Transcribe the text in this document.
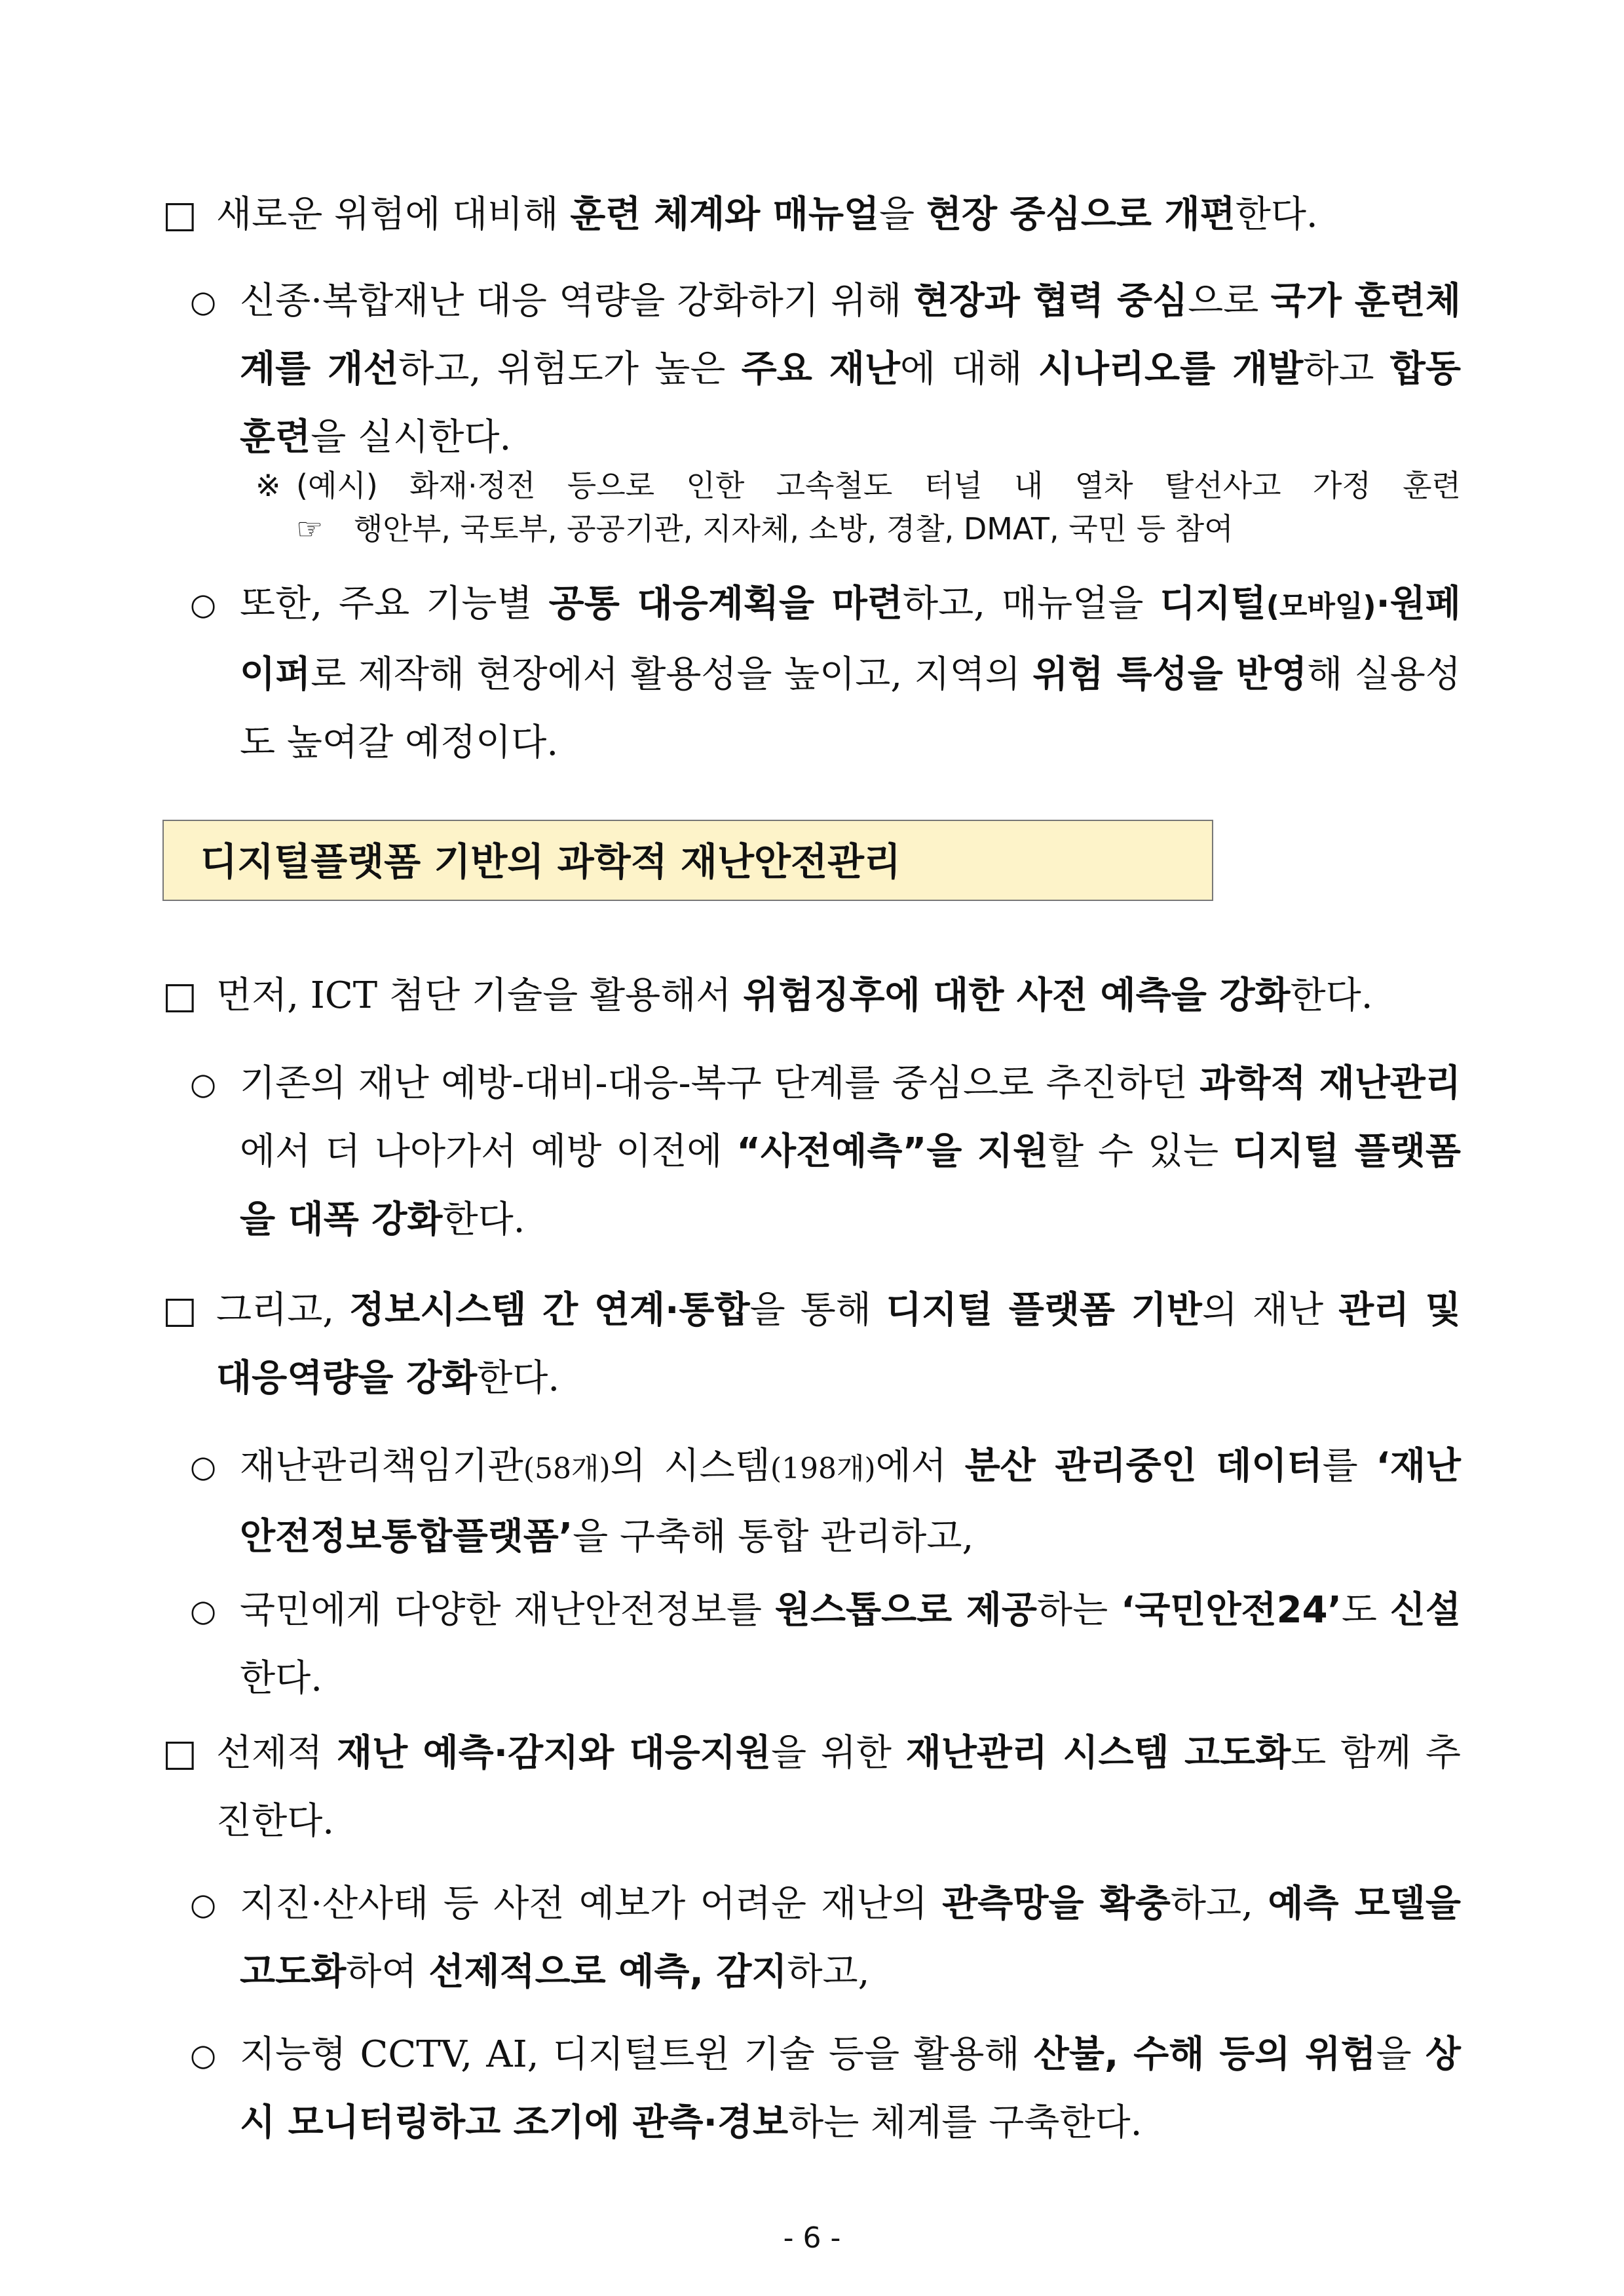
□ 새로운 위험에 대비해 훈련 체계와 매뉴얼을 현장 중심으로 개편한다.
○ 신종·복합재난 대응 역량을 강화하기 위해 현장과 협력 중심으로 국가 훈련체계를 개선하고, 위험도가 높은 주요 재난에 대해 시나리오를 개발하고 합동 훈련을 실시한다.
※ (예시) 화재·정전 등으로 인한 고속철도 터널 내 열차 탈선사고 가정 훈련
☞ 행안부, 국토부, 공공기관, 지자체, 소방, 경찰, DMAT, 국민 등 참여
○ 또한, 주요 기능별 공통 대응계획을 마련하고, 매뉴얼을 디지털(모바일)·원페이퍼로 제작해 현장에서 활용성을 높이고, 지역의 위험 특성을 반영해 실용성도 높여갈 예정이다.
디지털플랫폼 기반의 과학적 재난안전관리
□ 먼저, ICT 첨단 기술을 활용해서 위험징후에 대한 사전 예측을 강화한다.
○ 기존의 재난 예방-대비-대응-복구 단계를 중심으로 추진하던 과학적 재난관리에서 더 나아가서 예방 이전에 “사전예측”을 지원할 수 있는 디지털 플랫폼을 대폭 강화한다.
□ 그리고, 정보시스템 간 연계·통합을 통해 디지털 플랫폼 기반의 재난 관리 및 대응역량을 강화한다.
○ 재난관리책임기관(58개)의 시스템(198개)에서 분산 관리중인 데이터를 ‘재난안전정보통합플랫폼’을 구축해 통합 관리하고,
○ 국민에게 다양한 재난안전정보를 원스톱으로 제공하는 ‘국민안전24’도 신설한다.
□ 선제적 재난 예측·감지와 대응지원을 위한 재난관리 시스템 고도화도 함께 추진한다.
○ 지진·산사태 등 사전 예보가 어려운 재난의 관측망을 확충하고, 예측 모델을 고도화하여 선제적으로 예측, 감지하고,
○ 지능형 CCTV, AI, 디지털트윈 기술 등을 활용해 산불, 수해 등의 위험을 상시 모니터링하고 조기에 관측·경보하는 체계를 구축한다.
- 6 -
